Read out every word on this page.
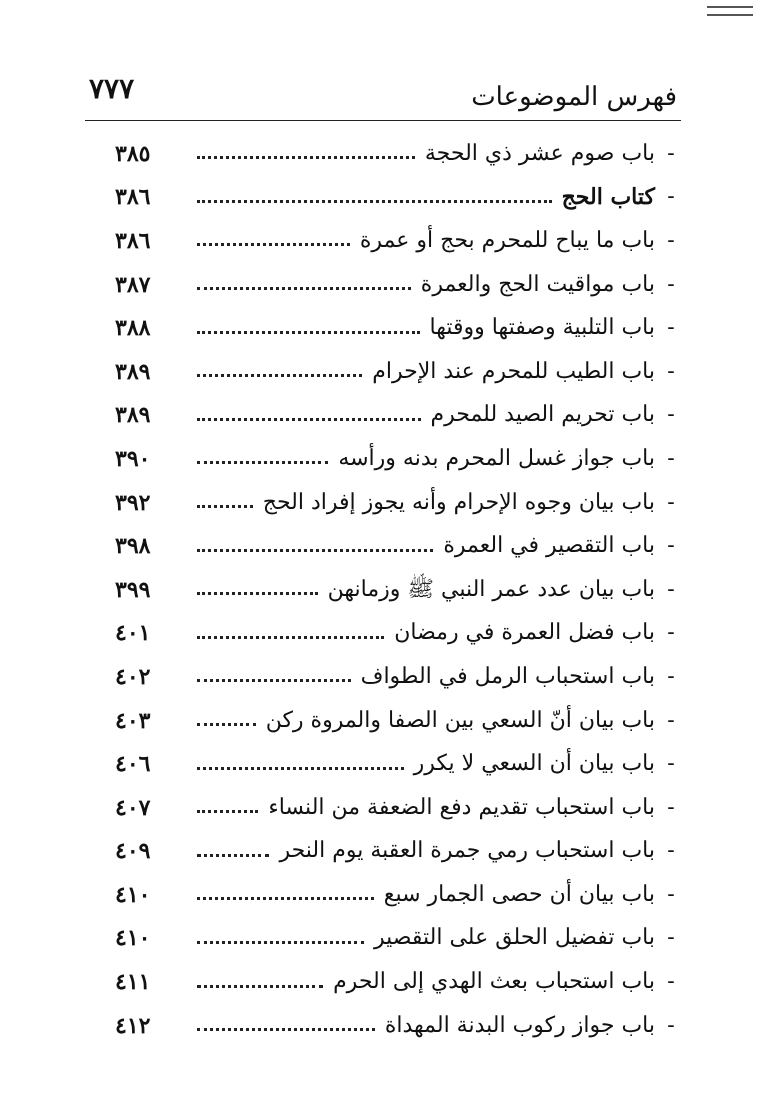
فهرس الموضوعات
٧٧٧
-
باب صوم عشر ذي الحجة
٣٨٥
-
كتاب الحج
٣٨٦
-
باب ما يباح للمحرم بحج أو عمرة
٣٨٦
-
باب مواقيت الحج والعمرة
٣٨٧
-
باب التلبية وصفتها ووقتها
٣٨٨
-
باب الطيب للمحرم عند الإحرام
٣٨٩
-
باب تحريم الصيد للمحرم
٣٨٩
-
باب جواز غسل المحرم بدنه ورأسه
٣٩٠
-
باب بيان وجوه الإحرام وأنه يجوز إفراد الحج
٣٩٢
-
باب التقصير في العمرة
٣٩٨
-
باب بيان عدد عمر النبي ﷺ وزمانهن
٣٩٩
-
باب فضل العمرة في رمضان
٤٠١
-
باب استحباب الرمل في الطواف
٤٠٢
-
باب بيان أنّ السعي بين الصفا والمروة ركن
٤٠٣
-
باب بيان أن السعي لا يكرر
٤٠٦
-
باب استحباب تقديم دفع الضعفة من النساء
٤٠٧
-
باب استحباب رمي جمرة العقبة يوم النحر
٤٠٩
-
باب بيان أن حصى الجمار سبع
٤١٠
-
باب تفضيل الحلق على التقصير
٤١٠
-
باب استحباب بعث الهدي إلى الحرم
٤١١
-
باب جواز ركوب البدنة المهداة
٤١٢
